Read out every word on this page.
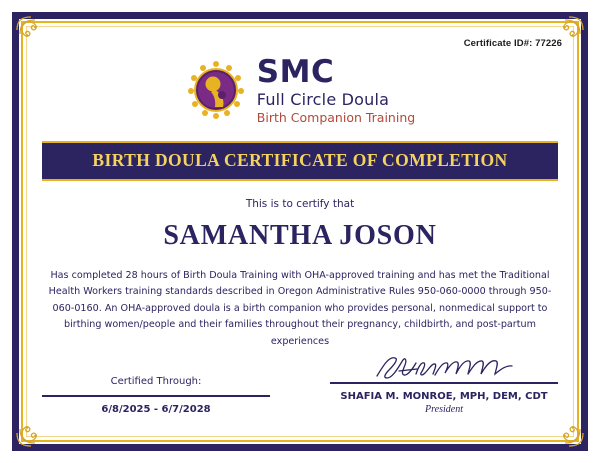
Certificate ID#: 77226
SMC
Full Circle Doula
Birth Companion Training
BIRTH DOULA CERTIFICATE OF COMPLETION
This is to certify that
SAMANTHA JOSON
Has completed 28 hours of Birth Doula Training with OHA-approved training and has met the Traditional Health Workers training standards described in Oregon Administrative Rules 950-060-0000 through 950-060-0160. An OHA-approved doula is a birth companion who provides personal, nonmedical support to birthing women/people and their families throughout their pregnancy, childbirth, and post-partum experiences
Certified Through:
6/8/2025 - 6/7/2028
SHAFIA M. MONROE, MPH, DEM, CDT
President
